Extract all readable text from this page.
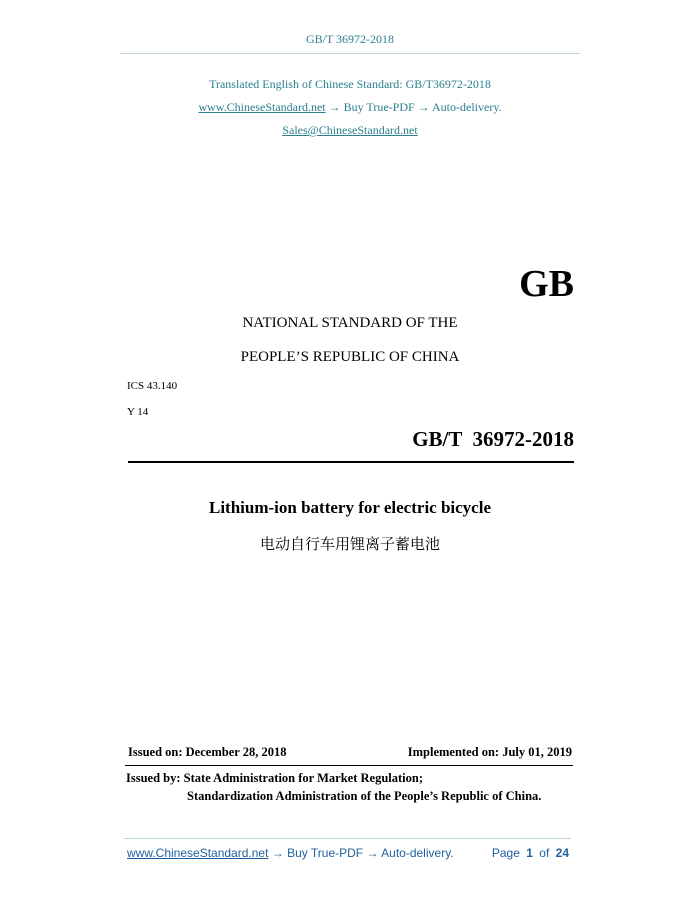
GB/T 36972-2018
Translated English of Chinese Standard: GB/T36972-2018
www.ChineseStandard.net → Buy True-PDF → Auto-delivery.
Sales@ChineseStandard.net
GB
NATIONAL STANDARD OF THE
PEOPLE’S REPUBLIC OF CHINA
ICS 43.140
Y 14
GB/T  36972-2018
Lithium-ion battery for electric bicycle
电动自行车用锂离子蓄电池
Issued on: December 28, 2018	Implemented on: July 01, 2019
Issued by: State Administration for Market Regulation;
Standardization Administration of the People’s Republic of China.
www.ChineseStandard.net → Buy True-PDF → Auto-delivery.	Page 1 of 24
